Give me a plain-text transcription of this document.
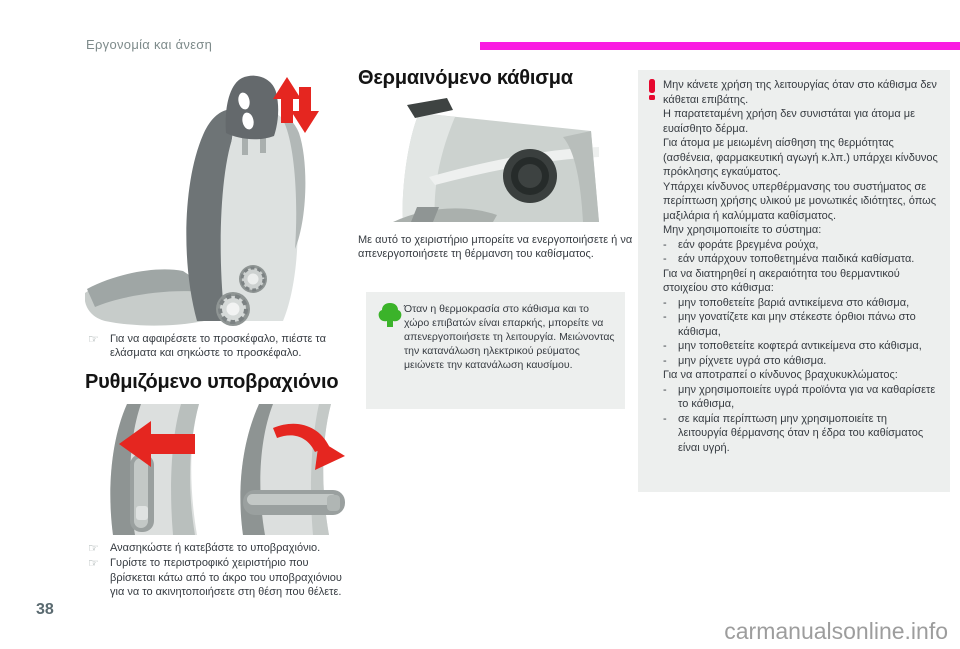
Εργονομία και άνεση
☞	Για να αφαιρέσετε το προσκέφαλο, πιέστε τα ελάσματα και σηκώστε το προσκέφαλο.
Ρυθμιζόμενο υποβραχιόνιο
☞	Ανασηκώστε ή κατεβάστε το υποβραχιόνιο.
☞	Γυρίστε το περιστροφικό χειριστήριο που βρίσκεται κάτω από το άκρο του υποβραχιόνιου για να το ακινητοποιήσετε στη θέση που θέλετε.
Θερμαινόμενο κάθισμα
Με αυτό το χειριστήριο μπορείτε να ενεργοποιήσετε ή να απενεργοποιήσετε τη θέρμανση του καθίσματος.
Όταν η θερμοκρασία στο κάθισμα και το χώρο επιβατών είναι επαρκής, μπορείτε να απενεργοποιήσετε τη λειτουργία. Μειώνοντας την κατανάλωση ηλεκτρικού ρεύματος μειώνετε την κατανάλωση καυσίμου.
Μην κάνετε χρήση της λειτουργίας όταν στο κάθισμα δεν κάθεται επιβάτης.
Η παρατεταμένη χρήση δεν συνιστάται για άτομα με ευαίσθητο δέρμα.
Για άτομα με μειωμένη αίσθηση της θερμότητας (ασθένεια, φαρμακευτική αγωγή κ.λπ.) υπάρχει κίνδυνος πρόκλησης εγκαύματος.
Υπάρχει κίνδυνος υπερθέρμανσης του συστήματος σε περίπτωση χρήσης υλικού με μονωτικές ιδιότητες, όπως μαξιλάρια ή καλύμματα καθίσματος.
Μην χρησιμοποιείτε το σύστημα:
-	εάν φοράτε βρεγμένα ρούχα,
-	εάν υπάρχουν τοποθετημένα παιδικά καθίσματα.
Για να διατηρηθεί η ακεραιότητα του θερμαντικού στοιχείου στο κάθισμα:
-	μην τοποθετείτε βαριά αντικείμενα στο κάθισμα,
-	μην γονατίζετε και μην στέκεστε όρθιοι πάνω στο κάθισμα,
-	μην τοποθετείτε κοφτερά αντικείμενα στο κάθισμα,
-	μην ρίχνετε υγρά στο κάθισμα.
Για να αποτραπεί ο κίνδυνος βραχυκυκλώματος:
-	μην χρησιμοποιείτε υγρά προϊόντα για να καθαρίσετε το κάθισμα,
-	σε καμία περίπτωση μην χρησιμοποιείτε τη λειτουργία θέρμανσης όταν η έδρα του καθίσματος είναι υγρή.
38
carmanualsonline.info
